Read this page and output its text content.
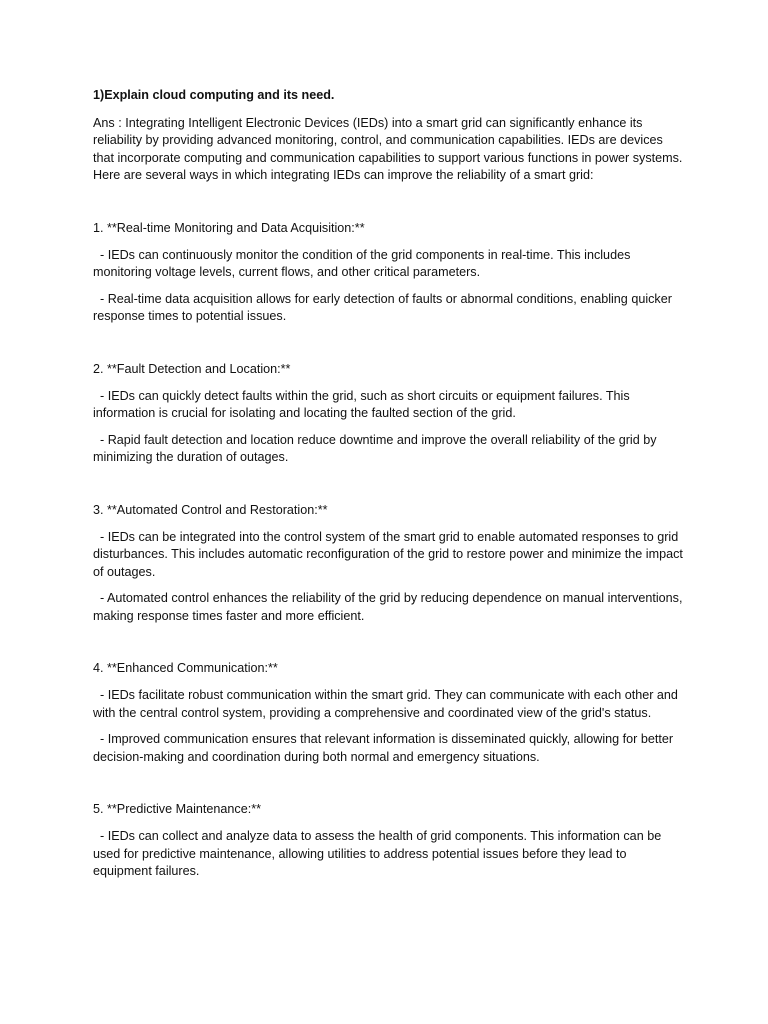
1)Explain cloud computing and its need.

Ans : Integrating Intelligent Electronic Devices (IEDs) into a smart grid can significantly enhance its reliability by providing advanced monitoring, control, and communication capabilities. IEDs are devices that incorporate computing and communication capabilities to support various functions in power systems. Here are several ways in which integrating IEDs can improve the reliability of a smart grid:

1. **Real-time Monitoring and Data Acquisition:**

- IEDs can continuously monitor the condition of the grid components in real-time. This includes monitoring voltage levels, current flows, and other critical parameters.

- Real-time data acquisition allows for early detection of faults or abnormal conditions, enabling quicker response times to potential issues.

2. **Fault Detection and Location:**

- IEDs can quickly detect faults within the grid, such as short circuits or equipment failures. This information is crucial for isolating and locating the faulted section of the grid.

- Rapid fault detection and location reduce downtime and improve the overall reliability of the grid by minimizing the duration of outages.

3. **Automated Control and Restoration:**

- IEDs can be integrated into the control system of the smart grid to enable automated responses to grid disturbances. This includes automatic reconfiguration of the grid to restore power and minimize the impact of outages.

- Automated control enhances the reliability of the grid by reducing dependence on manual interventions, making response times faster and more efficient.

4. **Enhanced Communication:**

- IEDs facilitate robust communication within the smart grid. They can communicate with each other and with the central control system, providing a comprehensive and coordinated view of the grid's status.

- Improved communication ensures that relevant information is disseminated quickly, allowing for better decision-making and coordination during both normal and emergency situations.

5. **Predictive Maintenance:**

- IEDs can collect and analyze data to assess the health of grid components. This information can be used for predictive maintenance, allowing utilities to address potential issues before they lead to equipment failures.
